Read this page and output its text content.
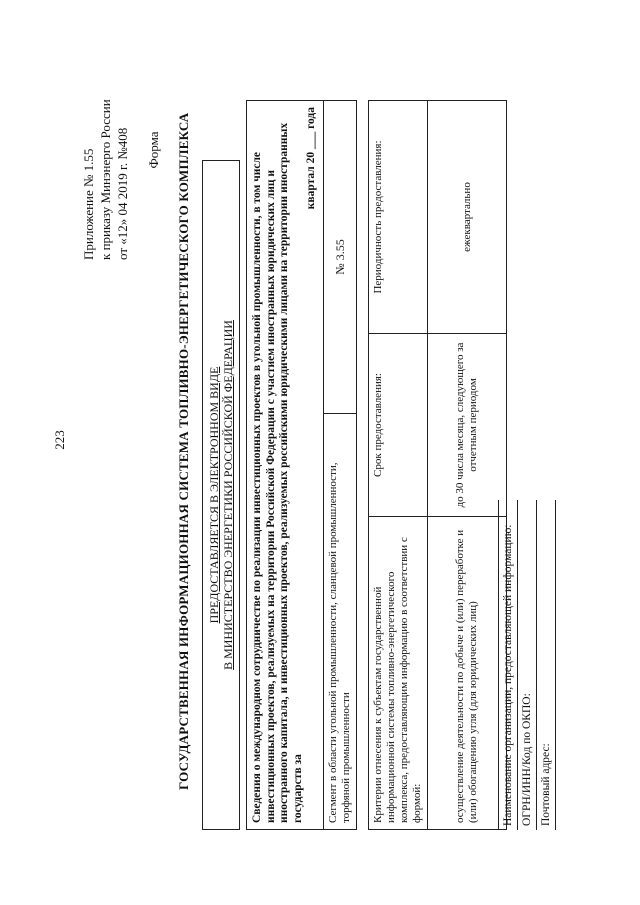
223
Приложение № 1.55 к приказу Минэнерго России от «12» 04 2019 г. №408 Форма ГОСУДАРСТВЕННАЯ ИНФОРМАЦИОННАЯ СИСТЕМА ТОПЛИВНО-ЭНЕРГЕТИЧЕСКОГО КОМПЛЕКСА ПРЕДОСТАВЛЯЕТСЯ В ЭЛЕКТРОННОМ ВИДЕ В МИНИСТЕРСТВО ЭНЕРГЕТИКИ РОССИЙСКОЙ ФЕДЕРАЦИИ Сведения о международном сотрудничестве по реализации инвестиционных проектов в угольной промышленности, в том числе инвестиционных проектов, реализуемых на территории Российской Федерации с участием иностранных юридических лиц и иностранного капитала, и инвестиционных проектов, реализуемых российскими юридическими лицами на территории иностранных государств за
квартал 20 ___ года
Сегмент в области угольной промышленности, сланцевой промышленности, торфяной промышленности	№ 3.55
Критерии отнесения к субъектам государственной информационной системы топливно-энергетического комплекса, предоставляющим информацию в соответствии с формой:	Срок предоставления:	Периодичность предоставления:
осуществление деятельности по добыче и (или) переработке и (или) обогащению угля (для юридических лиц)	до 30 числа месяца, следующего за отчетным периодом	ежеквартально
Наименование организации, предоставляющей информацию:
ОГРН/ИНН/Код по ОКПО:
Почтовый адрес:
